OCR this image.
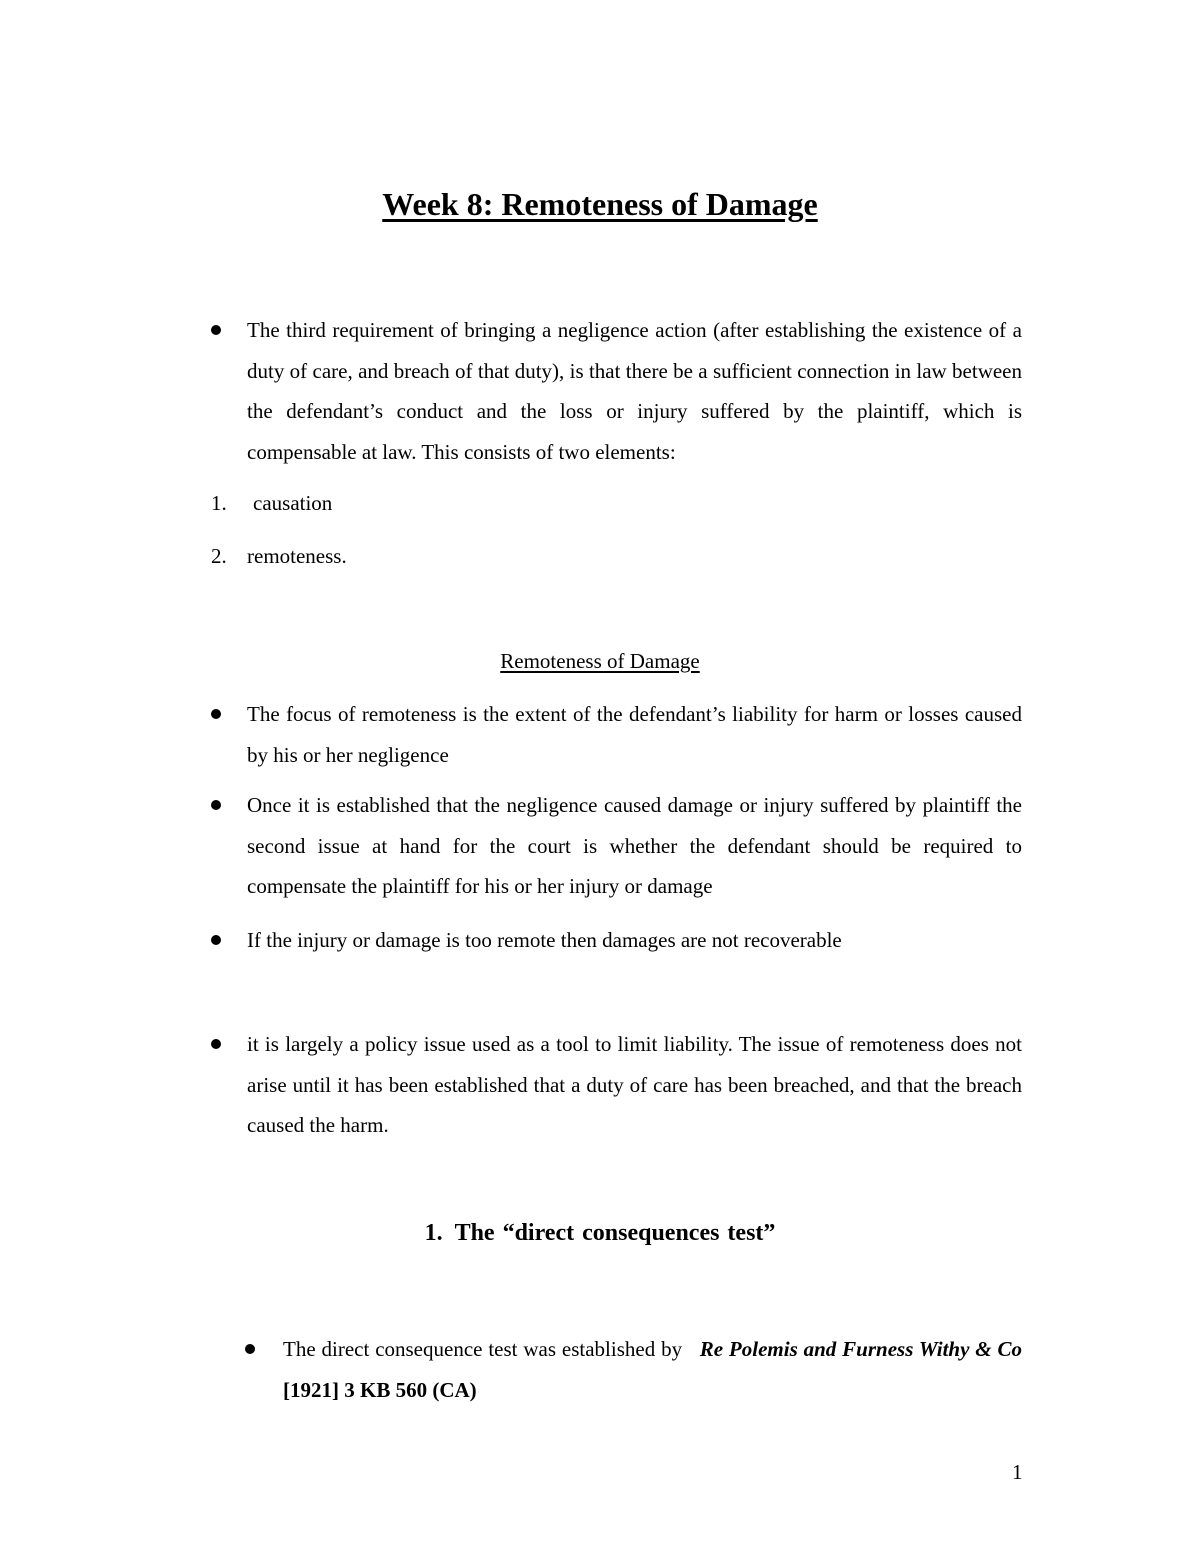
Week 8: Remoteness of Damage
The third requirement of bringing a negligence action (after establishing the existence of a duty of care, and breach of that duty), is that there be a sufficient connection in law between the defendant’s conduct and the loss or injury suffered by the plaintiff, which is compensable at law. This consists of two elements:
1. causation
2. remoteness.
Remoteness of Damage
The focus of remoteness is the extent of the defendant’s liability for harm or losses caused by his or her negligence
Once it is established that the negligence caused damage or injury suffered by plaintiff the second issue at hand for the court is whether the defendant should be required to compensate the plaintiff for his or her injury or damage
If the injury or damage is too remote then damages are not recoverable
it is largely a policy issue used as a tool to limit liability. The issue of remoteness does not arise until it has been established that a duty of care has been breached, and that the breach caused the harm.
1. The “direct consequences test”
The direct consequence test was established by Re Polemis and Furness Withy & Co [1921] 3 KB 560 (CA)
1
